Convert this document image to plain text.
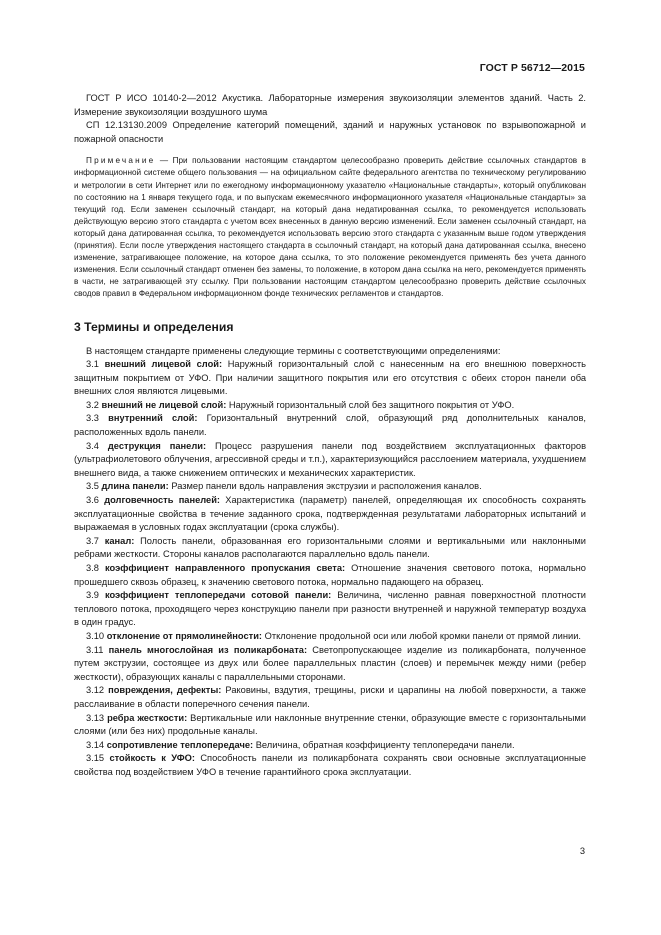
ГОСТ Р 56712—2015

ГОСТ Р ИСО 10140-2—2012 Акустика. Лабораторные измерения звукоизоляции элементов зданий. Часть 2. Измерение звукоизоляции воздушного шума

СП 12.13130.2009 Определение категорий помещений, зданий и наружных установок по взрывопожарной и пожарной опасности

Примечание — При пользовании настоящим стандартом целесообразно проверить действие ссылочных стандартов в информационной системе общего пользования — на официальном сайте федерального агентства по техническому регулированию и метрологии в сети Интернет или по ежегодному информационному указателю «Национальные стандарты», который опубликован по состоянию на 1 января текущего года, и по выпускам ежемесячного информационного указателя «Национальные стандарты» за текущий год. Если заменен ссылочный стандарт, на который дана недатированная ссылка, то рекомендуется использовать действующую версию этого стандарта с учетом всех внесенных в данную версию изменений. Если заменен ссылочный стандарт, на который дана датированная ссылка, то рекомендуется использовать версию этого стандарта с указанным выше годом утверждения (принятия). Если после утверждения настоящего стандарта в ссылочный стандарт, на который дана датированная ссылка, внесено изменение, затрагивающее положение, на которое дана ссылка, то это положение рекомендуется применять без учета данного изменения. Если ссылочный стандарт отменен без замены, то положение, в котором дана ссылка на него, рекомендуется применять в части, не затрагивающей эту ссылку. При пользовании настоящим стандартом целесообразно проверить действие ссылочных сводов правил в Федеральном информационном фонде технических регламентов и стандартов.

3 Термины и определения

В настоящем стандарте применены следующие термины с соответствующими определениями:

3.1 внешний лицевой слой: Наружный горизонтальный слой с нанесенным на его внешнюю поверхность защитным покрытием от УФО. При наличии защитного покрытия или его отсутствия с обеих сторон панели оба внешних слоя являются лицевыми.

3.2 внешний не лицевой слой: Наружный горизонтальный слой без защитного покрытия от УФО.

3.3 внутренний слой: Горизонтальный внутренний слой, образующий ряд дополнительных каналов, расположенных вдоль панели.

3.4 деструкция панели: Процесс разрушения панели под воздействием эксплуатационных факторов (ультрафиолетового облучения, агрессивной среды и т.п.), характеризующийся расслоением материала, ухудшением внешнего вида, а также снижением оптических и механических характеристик.

3.5 длина панели: Размер панели вдоль направления экструзии и расположения каналов.

3.6 долговечность панелей: Характеристика (параметр) панелей, определяющая их способность сохранять эксплуатационные свойства в течение заданного срока, подтвержденная результатами лабораторных испытаний и выражаемая в условных годах эксплуатации (срока службы).

3.7 канал: Полость панели, образованная его горизонтальными слоями и вертикальными или наклонными ребрами жесткости. Стороны каналов располагаются параллельно вдоль панели.

3.8 коэффициент направленного пропускания света: Отношение значения светового потока, нормально прошедшего сквозь образец, к значению светового потока, нормально падающего на образец.

3.9 коэффициент теплопередачи сотовой панели: Величина, численно равная поверхностной плотности теплового потока, проходящего через конструкцию панели при разности внутренней и наружной температур воздуха в один градус.

3.10 отклонение от прямолинейности: Отклонение продольной оси или любой кромки панели от прямой линии.

3.11 панель многослойная из поликарбоната: Светопропускающее изделие из поликарбоната, полученное путем экструзии, состоящее из двух или более параллельных пластин (слоев) и перемычек между ними (ребер жесткости), образующих каналы с параллельными сторонами.

3.12 повреждения, дефекты: Раковины, вздутия, трещины, риски и царапины на любой поверхности, а также расслаивание в области поперечного сечения панели.

3.13 ребра жесткости: Вертикальные или наклонные внутренние стенки, образующие вместе с горизонтальными слоями (или без них) продольные каналы.

3.14 сопротивление теплопередаче: Величина, обратная коэффициенту теплопередачи панели.

3.15 стойкость к УФО: Способность панели из поликарбоната сохранять свои основные эксплуатационные свойства под воздействием УФО в течение гарантийного срока эксплуатации.

3
